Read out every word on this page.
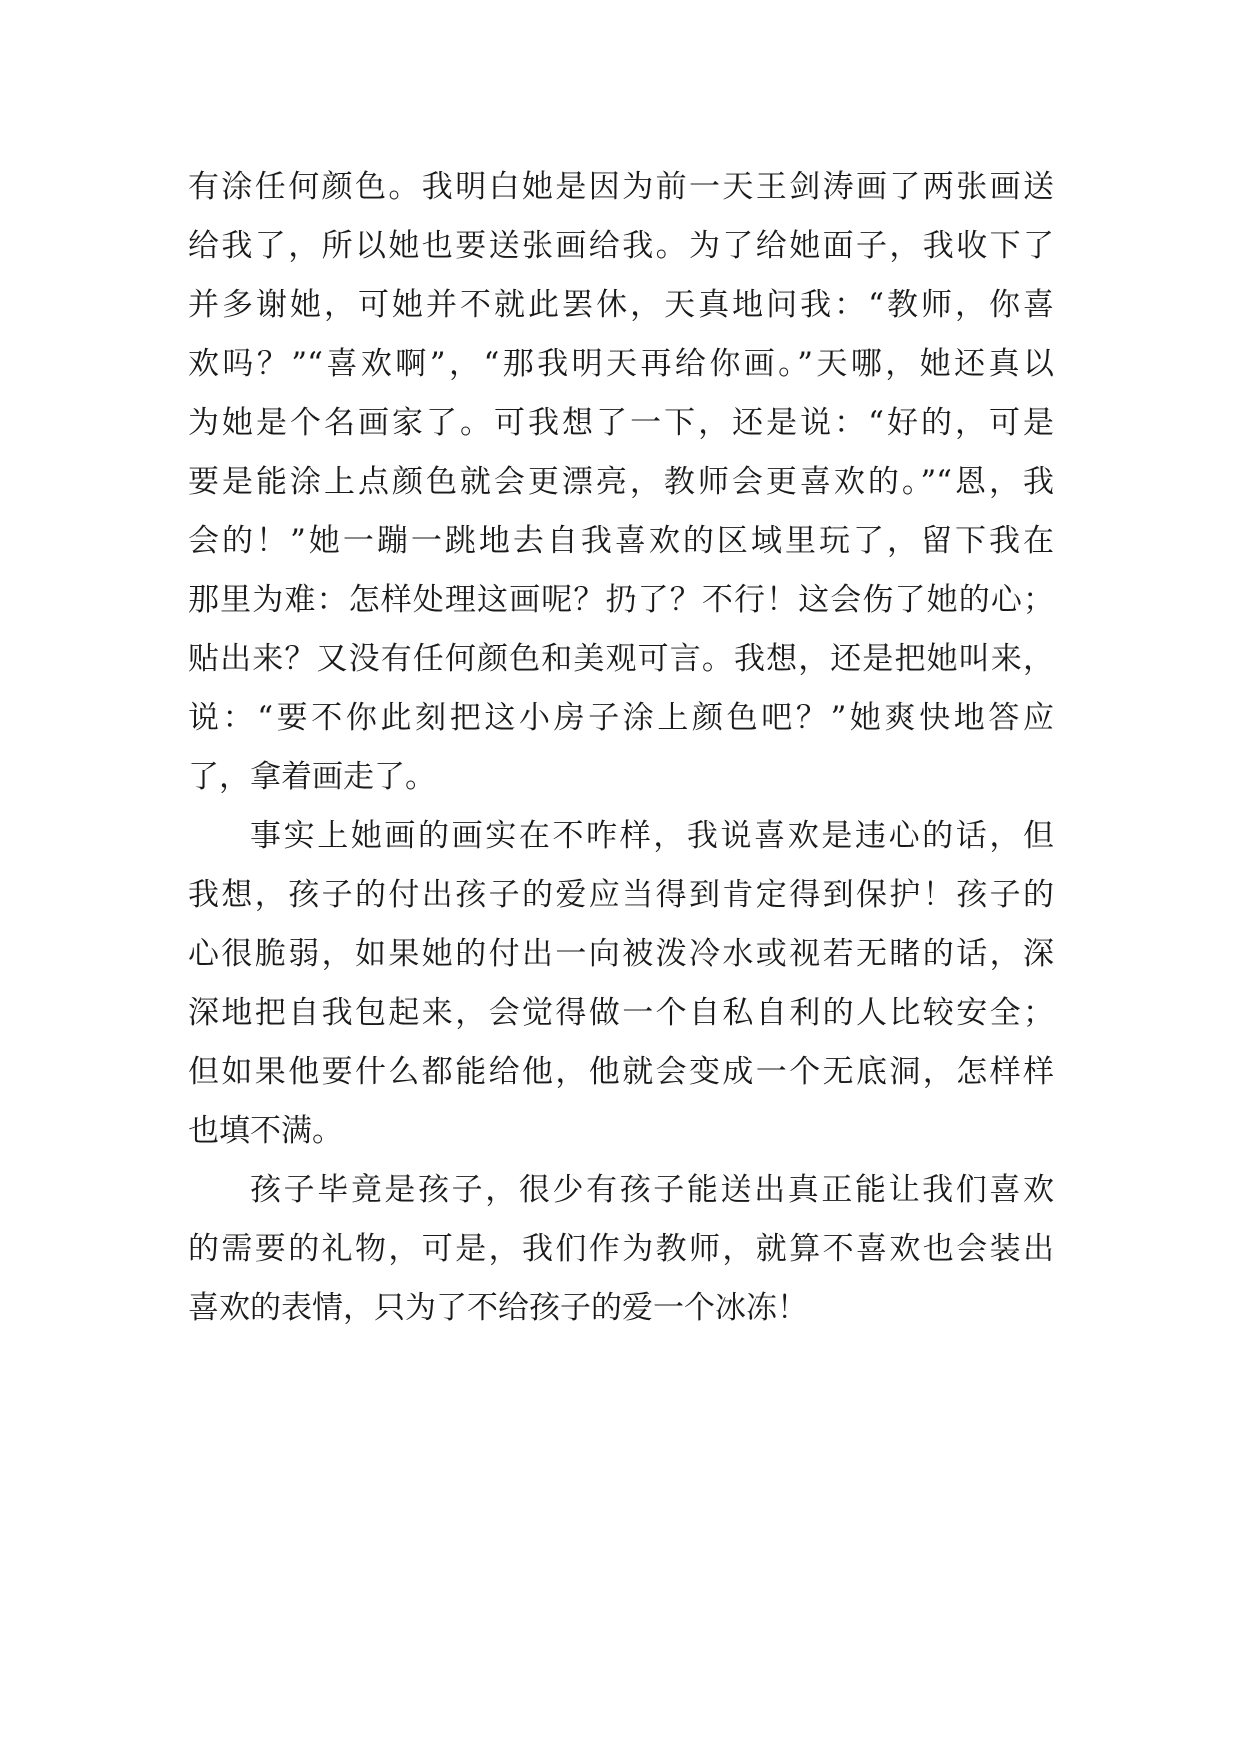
有涂任何颜色。我明白她是因为前一天王剑涛画了两张画送
给我了，所以她也要送张画给我。为了给她面子，我收下了
并多谢她，可她并不就此罢休，天真地问我：“教师，你喜
欢吗？”“喜欢啊”，“那我明天再给你画。”天哪，她还真以
为她是个名画家了。可我想了一下，还是说：“好的，可是
要是能涂上点颜色就会更漂亮，教师会更喜欢的。”“恩，我
会的！”她一蹦一跳地去自我喜欢的区域里玩了，留下我在
那里为难：怎样处理这画呢？扔了？不行！这会伤了她的心；
贴出来？又没有任何颜色和美观可言。我想，还是把她叫来，
说：“要不你此刻把这小房子涂上颜色吧？”她爽快地答应
了，拿着画走了。
事实上她画的画实在不咋样，我说喜欢是违心的话，但
我想，孩子的付出孩子的爱应当得到肯定得到保护！孩子的
心很脆弱，如果她的付出一向被泼冷水或视若无睹的话，深
深地把自我包起来，会觉得做一个自私自利的人比较安全；
但如果他要什么都能给他，他就会变成一个无底洞，怎样样
也填不满。
孩子毕竟是孩子，很少有孩子能送出真正能让我们喜欢
的需要的礼物，可是，我们作为教师，就算不喜欢也会装出
喜欢的表情，只为了不给孩子的爱一个冰冻！
